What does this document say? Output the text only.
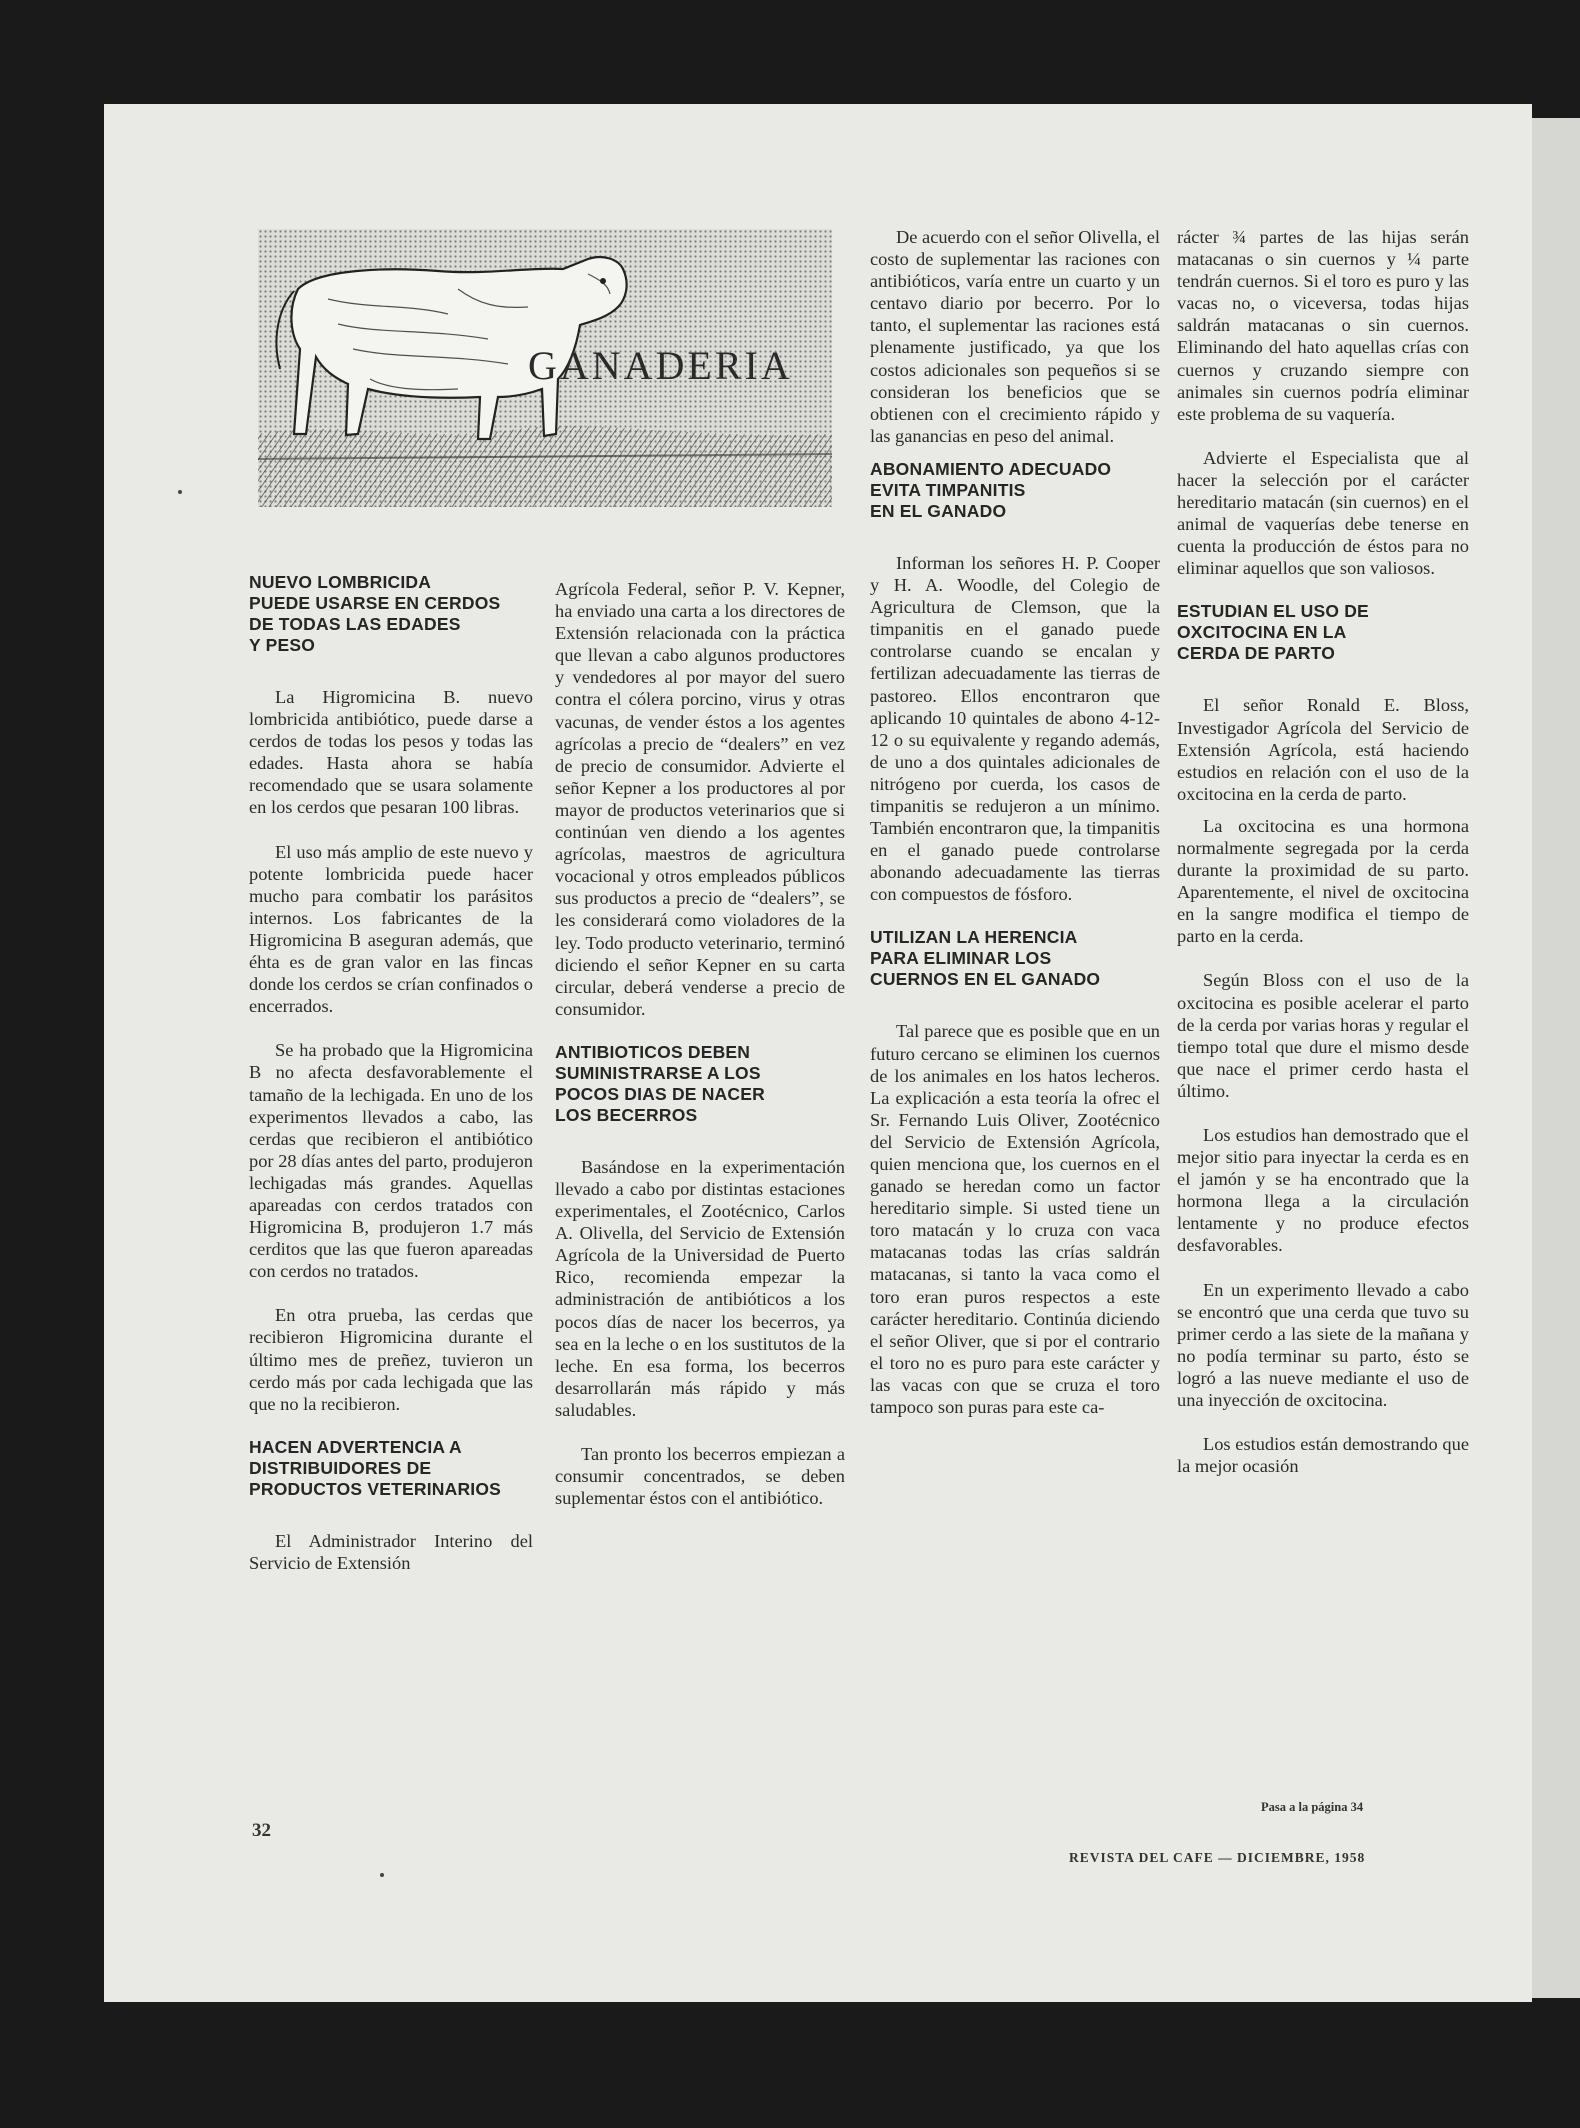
GANADERIA
NUEVO LOMBRICIDA
PUEDE USARSE EN CERDOS
DE TODAS LAS EDADES
Y PESO

La Higromicina B. nuevo lombricida antibiótico, puede darse a cerdos de todas los pesos y todas las edades. Hasta ahora se había recomendado que se usara solamente en los cerdos que pesaran 100 libras.

El uso más amplio de este nuevo y potente lombricida puede hacer mucho para combatir los parásitos internos. Los fabricantes de la Higromicina B aseguran además, que éhta es de gran valor en las fincas donde los cerdos se crían confinados o encerrados.

Se ha probado que la Higromicina B no afecta desfavorablemente el tamaño de la lechigada. En uno de los experimentos llevados a cabo, las cerdas que recibieron el antibiótico por 28 días antes del parto, produjeron lechigadas más grandes. Aquellas apareadas con cerdos tratados con Higromicina B, produjeron 1.7 más cerditos que las que fueron apareadas con cerdos no tratados.

En otra prueba, las cerdas que recibieron Higromicina durante el último mes de preñez, tuvieron un cerdo más por cada lechigada que las que no la recibieron.

HACEN ADVERTENCIA A
DISTRIBUIDORES DE
PRODUCTOS VETERINARIOS

El Administrador Interino del Servicio de Extensión

Agrícola Federal, señor P. V. Kepner, ha enviado una carta a los directores de Extensión relacionada con la práctica que llevan a cabo algunos productores y vendedores al por mayor del suero contra el cólera porcino, virus y otras vacunas, de vender éstos a los agentes agrícolas a precio de “dealers” en vez de precio de consumidor. Advierte el señor Kepner a los productores al por mayor de productos veterinarios que si continúan ven diendo a los agentes agrícolas, maestros de agricultura vocacional y otros empleados públicos sus productos a precio de “dealers”, se les considerará como violadores de la ley. Todo producto veterinario, terminó diciendo el señor Kepner en su carta circular, deberá venderse a precio de consumidor.

ANTIBIOTICOS DEBEN
SUMINISTRARSE A LOS
POCOS DIAS DE NACER
LOS BECERROS

Basándose en la experimentación llevado a cabo por distintas estaciones experimentales, el Zootécnico, Carlos A. Olivella, del Servicio de Extensión Agrícola de la Universidad de Puerto Rico, recomienda empezar la administración de antibióticos a los pocos días de nacer los becerros, ya sea en la leche o en los sustitutos de la leche. En esa forma, los becerros desarrollarán más rápido y más saludables.

Tan pronto los becerros empiezan a consumir concentrados, se deben suplementar éstos con el antibiótico.

De acuerdo con el señor Olivella, el costo de suplementar las raciones con antibióticos, varía entre un cuarto y un centavo diario por becerro. Por lo tanto, el suplementar las raciones está plenamente justificado, ya que los costos adicionales son pequeños si se consideran los beneficios que se obtienen con el crecimiento rápido y las ganancias en peso del animal.

ABONAMIENTO ADECUADO
EVITA TIMPANITIS
EN EL GANADO

Informan los señores H. P. Cooper y H. A. Woodle, del Colegio de Agricultura de Clemson, que la timpanitis en el ganado puede controlarse cuando se encalan y fertilizan adecuadamente las tierras de pastoreo. Ellos encontraron que aplicando 10 quintales de abono 4-12-12 o su equivalente y regando además, de uno a dos quintales adicionales de nitrógeno por cuerda, los casos de timpanitis se redujeron a un mínimo. También encontraron que, la timpanitis en el ganado puede controlarse abonando adecuadamente las tierras con compuestos de fósforo.

UTILIZAN LA HERENCIA
PARA ELIMINAR LOS
CUERNOS EN EL GANADO

Tal parece que es posible que en un futuro cercano se eliminen los cuernos de los animales en los hatos lecheros. La explicación a esta teoría la ofrec el Sr. Fernando Luis Oliver, Zootécnico del Servicio de Extensión Agrícola, quien menciona que, los cuernos en el ganado se heredan como un factor hereditario simple. Si usted tiene un toro matacán y lo cruza con vaca matacanas todas las crías saldrán matacanas, si tanto la vaca como el toro eran puros respectos a este carácter hereditario. Continúa diciendo el señor Oliver, que si por el contrario el toro no es puro para este carácter y las vacas con que se cruza el toro tampoco son puras para este ca-

rácter ¾ partes de las hijas serán matacanas o sin cuernos y ¼ parte tendrán cuernos. Si el toro es puro y las vacas no, o viceversa, todas hijas saldrán matacanas o sin cuernos. Eliminando del hato aquellas crías con cuernos y cruzando siempre con animales sin cuernos podría eliminar este problema de su vaquería.

Advierte el Especialista que al hacer la selección por el carácter hereditario matacán (sin cuernos) en el animal de vaquerías debe tenerse en cuenta la producción de éstos para no eliminar aquellos que son valiosos.

ESTUDIAN EL USO DE
OXCITOCINA EN LA
CERDA DE PARTO

El señor Ronald E. Bloss, Investigador Agrícola del Servicio de Extensión Agrícola, está haciendo estudios en relación con el uso de la oxcitocina en la cerda de parto.

La oxcitocina es una hormona normalmente segregada por la cerda durante la proximidad de su parto. Aparentemente, el nivel de oxcitocina en la sangre modifica el tiempo de parto en la cerda.

Según Bloss con el uso de la oxcitocina es posible acelerar el parto de la cerda por varias horas y regular el tiempo total que dure el mismo desde que nace el primer cerdo hasta el último.

Los estudios han demostrado que el mejor sitio para inyectar la cerda es en el jamón y se ha encontrado que la hormona llega a la circulación lentamente y no produce efectos desfavorables.

En un experimento llevado a cabo se encontró que una cerda que tuvo su primer cerdo a las siete de la mañana y no podía terminar su parto, ésto se logró a las nueve mediante el uso de una inyección de oxcitocina.

Los estudios están demostrando que la mejor ocasión

Pasa a la página 34
32
REVISTA DEL CAFE — DICIEMBRE, 1958
